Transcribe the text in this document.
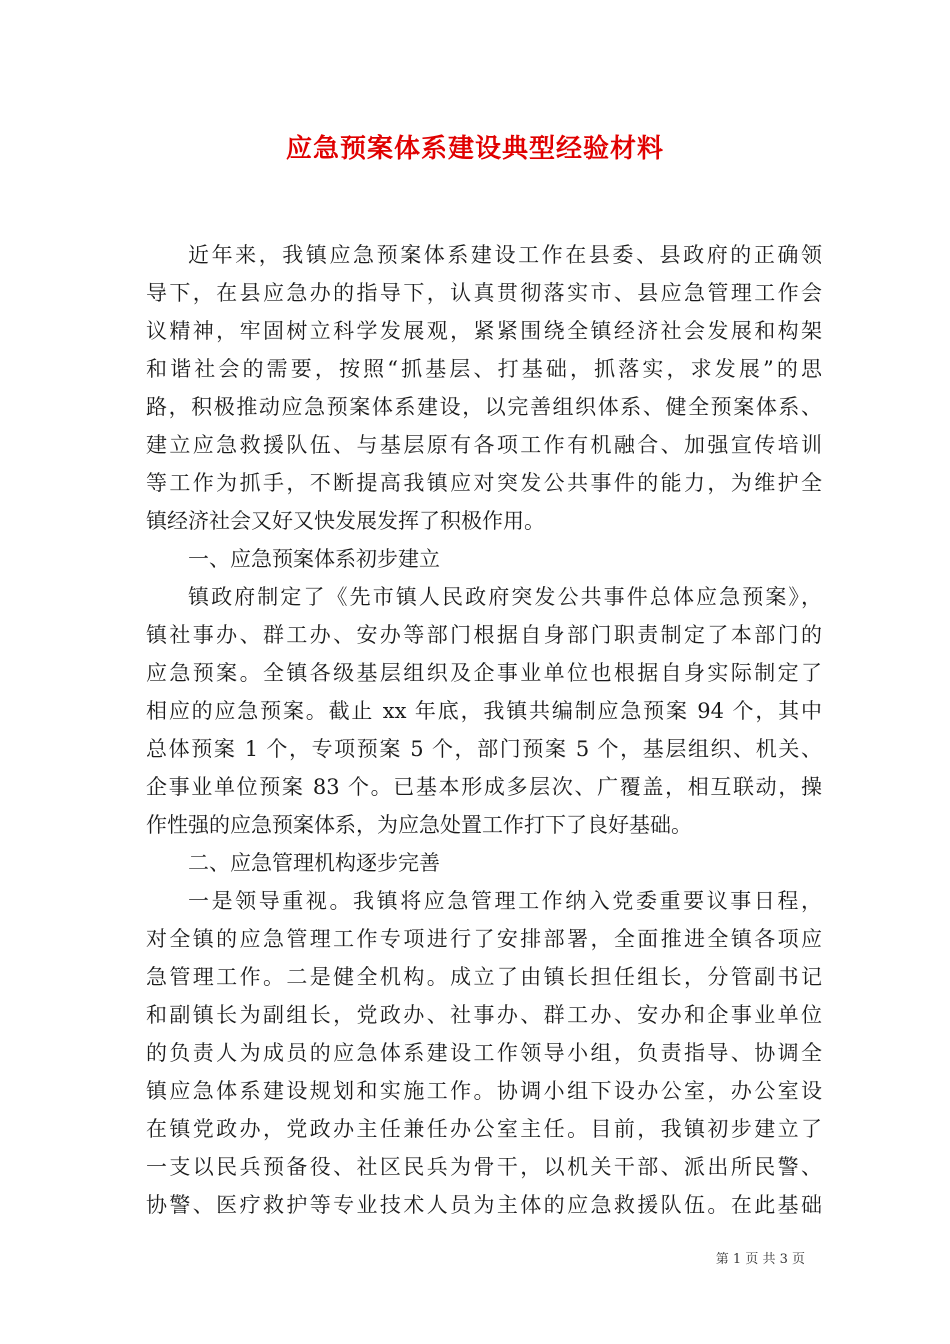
应急预案体系建设典型经验材料
近年来，我镇应急预案体系建设工作在县委、县政府的正确领
导下，在县应急办的指导下，认真贯彻落实市、县应急管理工作会
议精神，牢固树立科学发展观，紧紧围绕全镇经济社会发展和构架
和谐社会的需要，按照“抓基层、打基础，抓落实，求发展”的思
路，积极推动应急预案体系建设，以完善组织体系、健全预案体系、
建立应急救援队伍、与基层原有各项工作有机融合、加强宣传培训
等工作为抓手，不断提高我镇应对突发公共事件的能力，为维护全
镇经济社会又好又快发展发挥了积极作用。
一、应急预案体系初步建立
镇政府制定了《先市镇人民政府突发公共事件总体应急预案》，
镇社事办、群工办、安办等部门根据自身部门职责制定了本部门的
应急预案。全镇各级基层组织及企事业单位也根据自身实际制定了
相应的应急预案。截止 xx 年底，我镇共编制应急预案 94 个，其中
总体预案 1 个，专项预案 5 个，部门预案 5 个，基层组织、机关、
企事业单位预案 83 个。已基本形成多层次、广覆盖，相互联动，操
作性强的应急预案体系，为应急处置工作打下了良好基础。
二、应急管理机构逐步完善
一是领导重视。我镇将应急管理工作纳入党委重要议事日程，
对全镇的应急管理工作专项进行了安排部署，全面推进全镇各项应
急管理工作。二是健全机构。成立了由镇长担任组长，分管副书记
和副镇长为副组长，党政办、社事办、群工办、安办和企事业单位
的负责人为成员的应急体系建设工作领导小组，负责指导、协调全
镇应急体系建设规划和实施工作。协调小组下设办公室，办公室设
在镇党政办，党政办主任兼任办公室主任。目前，我镇初步建立了
一支以民兵预备役、社区民兵为骨干，以机关干部、派出所民警、
协警、医疗救护等专业技术人员为主体的应急救援队伍。在此基础
第 1 页 共 3 页
